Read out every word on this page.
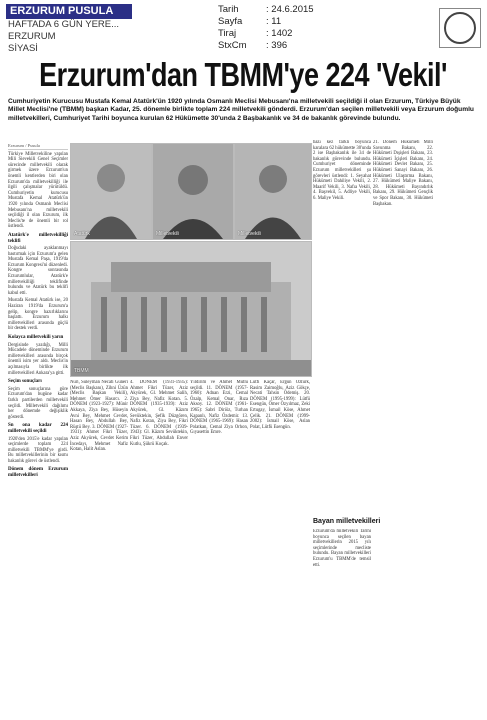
ERZURUM PUSULA
HAFTADA 6 GÜN YERE...
ERZURUM
SİYASİ
Tarih	: 24.6.2015
Sayfa : 11
Tiraj	: 1402
StxCm : 396
Erzurum'dan TBMM'ye 224 'Vekil'
Cumhuriyetin Kurucusu Mustafa Kemal Atatürk'ün 1920 yılında Osmanlı Meclisi Mebusanı'na milletvekili seçildiği il olan Erzurum, Türkiye Büyük Millet Meclisi'ne (TBMM) başkan Kadar, 25. dönemle birlikte toplam 224 milletvekili gönderdi. Erzurum'dan seçilen milletvekili veya Erzurum doğumlu milletvekilleri, Cumhuriyet Tarihi boyunca kurulan 62 Hükümette 30'unda 2 Başbakanlık ve 34 de bakanlık görevinde bulundu.
Erzurum / Pusula

Türkiye Milletvekiline yapılan Mili Sievekili Genel Seçimler sürecinde milletvekili olarak girmek üzere Erzurum'un önemli kentlerden biri olan Erzurum'da milletvekilliği ile ilgili çalışmalar yürütüldü. Cumhuriyetin kurucusu Mustafa Kemal Atatürk'ün 1920 yılında Osmanlı Meclisi Mebusanı'na milletvekili seçildiği il olan Erzurum, ilk Meclis'te de önemli bir rol üstlendi.

Atatürk'e milletvekilliği teklifi

Doğudaki ayaklanmayı bastırmak için Erzurum'a gelen Mustafa Kemal Paşa, 1919'da Erzurum Kongresi'ni düzenledi. Kongre sonrasında Erzurumlular, Atatürk'e milletvekilliği teklifinde bulundu ve Atatürk bu teklifi kabul etti.

Mustafa Kemal Atatürk ise, 20 Haziran 1919'da Erzurum'a gelip, kongre hazırlıklarını başlattı. Erzurum halkı milletvekilleri arasında güçlü bir destek verdi.

Kolayca milletvekili yarın

Dergisinde yazdığı, Milli Mücadele döneminde Erzurum milletvekilleri arasında birçok önemli isim yer aldı. Meclis'in açılmasıyla birlikte ilk milletvekilleri Ankara'ya gitti.

Seçim sonuçları

Seçim sonuçlarına göre Erzurum'dan bugüne kadar farklı partilerden milletvekili seçildi. Milletvekili dağılımı her dönemde değişiklik gösterdi.

Sn ona kadar 224 milletvekili seçildi

1920'den 2015'e kadar yapılan seçimlerde toplam 224 milletvekili TBMM'ye girdi. Bu milletvekillerinin bir kısmı bakanlık görevi de üstlendi.

Dönem dönem Erzurum milletvekilleri

Atatürk	Milletvekili	Milletvekili
TBMM

Nuri, Süleyman Necati Güneri (Meclis Başkanı), Zihni Üzün (Meclis Başkan Vekili), Mehmet Ömer Hasırcı. 2. DÖNEM (1923-1927): Münir Akkaya, Ziya Bey, Hüseyin Avni Bey, Mehmet Cevdet, Hasan Bey, Abdullah Bey, Rüştü Bey. 3. DÖNEM (1927-1931): Ahmet Fikri Tüzer, Aziz Akyürek, Cevdet Kerim İncedayı, Mehmet Nafiz Kotan, Halit Aslan.

4. DÖNEM (1931-1935): Ahmet Fikri Tüzer, Aziz Akyürek, Gl. Mehmet Salih, Ziya Bey, Nafiz Kotan. 5. DÖNEM (1935-1939): Aziz Akyürek, Gl. Kâzım Sevüktekin, Şefik Düzgören, Nafiz Kotan, Ziya Bey, Fikri Tüzer. 6. DÖNEM (1939-1943): Gl. Kâzım Sevüktekin, Fikri Tüzer, Abdullah Enver Kutlu, Şükrü Koçak.

Yıldırım ve Ahmet Mutlu seçildi. 11. DÖNEM (1957-1960): Adnan Erzi, Cemal Özalp, Kemal Onar, Rıza Aksoy. 12. DÖNEM (1961-1965): Sabri Diriöz, Turhan Kapanlı, Nafiz Özdemir. 13. DÖNEM (1965-1969): Hasan Polatkan, Cemal Ziya Orhon, Gıyasettin Emre.

Lütfi Kaçar, Ergun Öztürk, Rasim Zaimoğlu, Aziz Gökçe, Necati Tahsin Ödemiş. 20. DÖNEM (1995-1999): Lütfü Esengün, Ömer Özyılmaz, Zeki Ertugay, İsmail Köse, Ahmet Çelik. 21. DÖNEM (1999-2002): İsmail Köse, Aslan Polat, Lütfü Esengün.

bazı kez farklı boyunca karalara 62 hükümette 30'unda 2 ise Başbakanlık ile 34 de bakanlık görevinde bulundu. Cumhuriyet döneminde Erzurum milletvekilleri şu görevleri üstlendi: 1. Seyahat Hükümeti Dahiliye Vekili, 2. Maarif Vekili, 3. Nafıa Vekili, 4. Başvekil, 5. Adliye Vekili, 6. Maliye Vekili.

21. Dönem Hükümeti Milli Savunma Bakanı, 22. Hükümeti Dışişleri Bakanı, 23. Hükümeti İçişleri Bakanı, 24. Hükümeti Devlet Bakanı, 25. Hükümeti Sanayi Bakanı, 26. Hükümeti Ulaştırma Bakanı, 27. Hükümeti Maliye Bakanı, 28. Hükümeti Bayındırlık Bakanı, 29. Hükümeti Gençlik ve Spor Bakanı, 30. Hükümeti Başbakan.

Bayan milletvekilleri

Erzurum'da milletvekili Tarihi boyunca seçilen bayan milletvekillerin 2015 yılı seçimlerinde mecliste bulundu. Bayan milletvekilleri Erzurum'u TBMM'de temsil etti.
